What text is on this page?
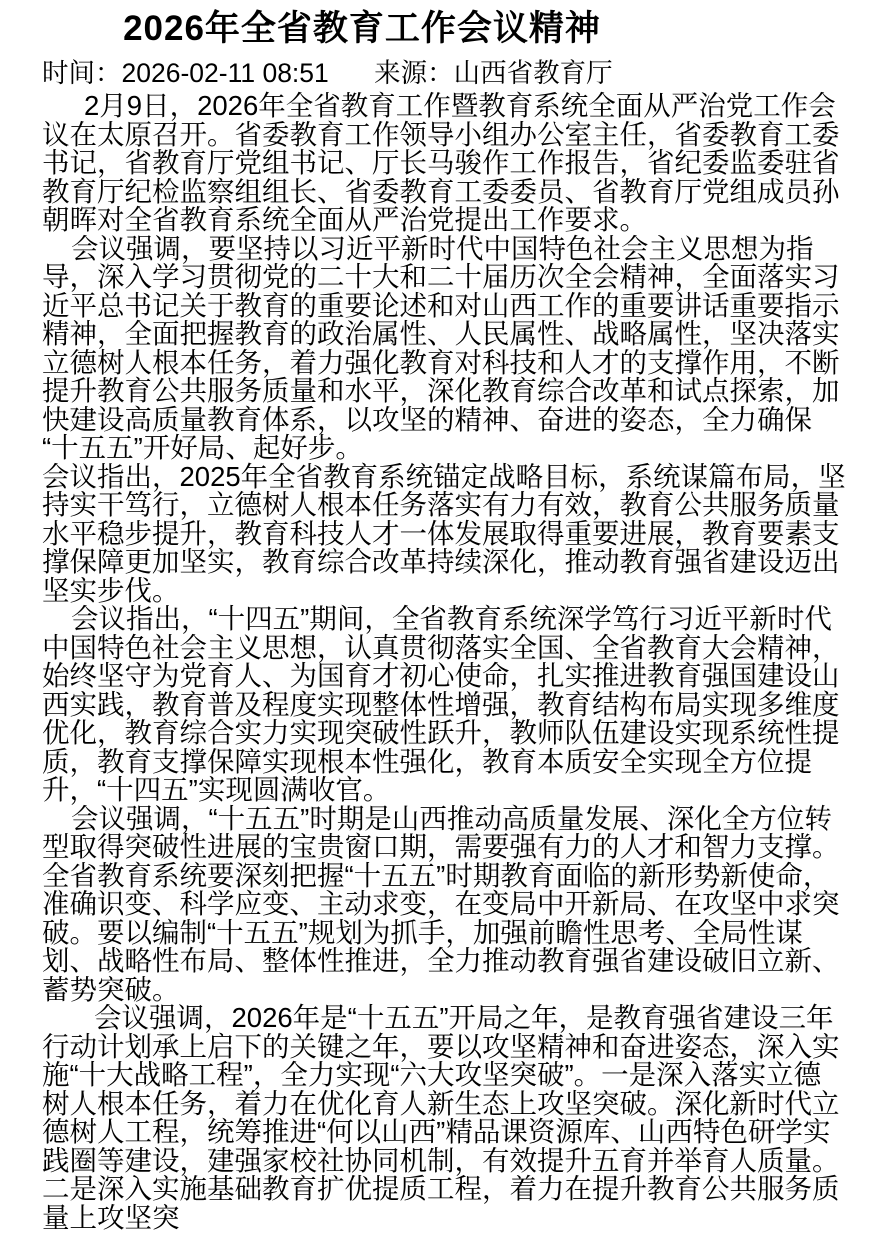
2026年全省教育工作会议精神
时间：2026-02-11 08:51 来源：山西省教育厅

2月9日，2026年全省教育工作暨教育系统全面从严治党工作会议在太原召开。省委教育工作领导小组办公室主任，省委教育工委书记，省教育厅党组书记、厅长马骏作工作报告，省纪委监委驻省教育厅纪检监察组组长、省委教育工委委员、省教育厅党组成员孙朝晖对全省教育系统全面从严治党提出工作要求。

会议强调，要坚持以习近平新时代中国特色社会主义思想为指导，深入学习贯彻党的二十大和二十届历次全会精神，全面落实习近平总书记关于教育的重要论述和对山西工作的重要讲话重要指示精神，全面把握教育的政治属性、人民属性、战略属性，坚决落实立德树人根本任务，着力强化教育对科技和人才的支撑作用，不断提升教育公共服务质量和水平，深化教育综合改革和试点探索，加快建设高质量教育体系，以攻坚的精神、奋进的姿态，全力确保“十五五”开好局、起好步。

会议指出，2025年全省教育系统锚定战略目标，系统谋篇布局，坚持实干笃行，立德树人根本任务落实有力有效，教育公共服务质量水平稳步提升，教育科技人才一体发展取得重要进展，教育要素支撑保障更加坚实，教育综合改革持续深化，推动教育强省建设迈出坚实步伐。

会议指出，“十四五”期间，全省教育系统深学笃行习近平新时代中国特色社会主义思想，认真贯彻落实全国、全省教育大会精神，始终坚守为党育人、为国育才初心使命，扎实推进教育强国建设山西实践，教育普及程度实现整体性增强，教育结构布局实现多维度优化，教育综合实力实现突破性跃升，教师队伍建设实现系统性提质，教育支撑保障实现根本性强化，教育本质安全实现全方位提升，“十四五”实现圆满收官。

会议强调，“十五五”时期是山西推动高质量发展、深化全方位转型取得突破性进展的宝贵窗口期，需要强有力的人才和智力支撑。全省教育系统要深刻把握“十五五”时期教育面临的新形势新使命，准确识变、科学应变、主动求变，在变局中开新局、在攻坚中求突破。要以编制“十五五”规划为抓手，加强前瞻性思考、全局性谋划、战略性布局、整体性推进，全力推动教育强省建设破旧立新、蓄势突破。

会议强调，2026年是“十五五”开局之年，是教育强省建设三年行动计划承上启下的关键之年，要以攻坚精神和奋进姿态，深入实施“十大战略工程”，全力实现“六大攻坚突破”。一是深入落实立德树人根本任务，着力在优化育人新生态上攻坚突破。深化新时代立德树人工程，统筹推进“何以山西”精品课资源库、山西特色研学实践圈等建设，建强家校社协同机制，有效提升五育并举育人质量。二是深入实施基础教育扩优提质工程，着力在提升教育公共服务质量上攻坚突
